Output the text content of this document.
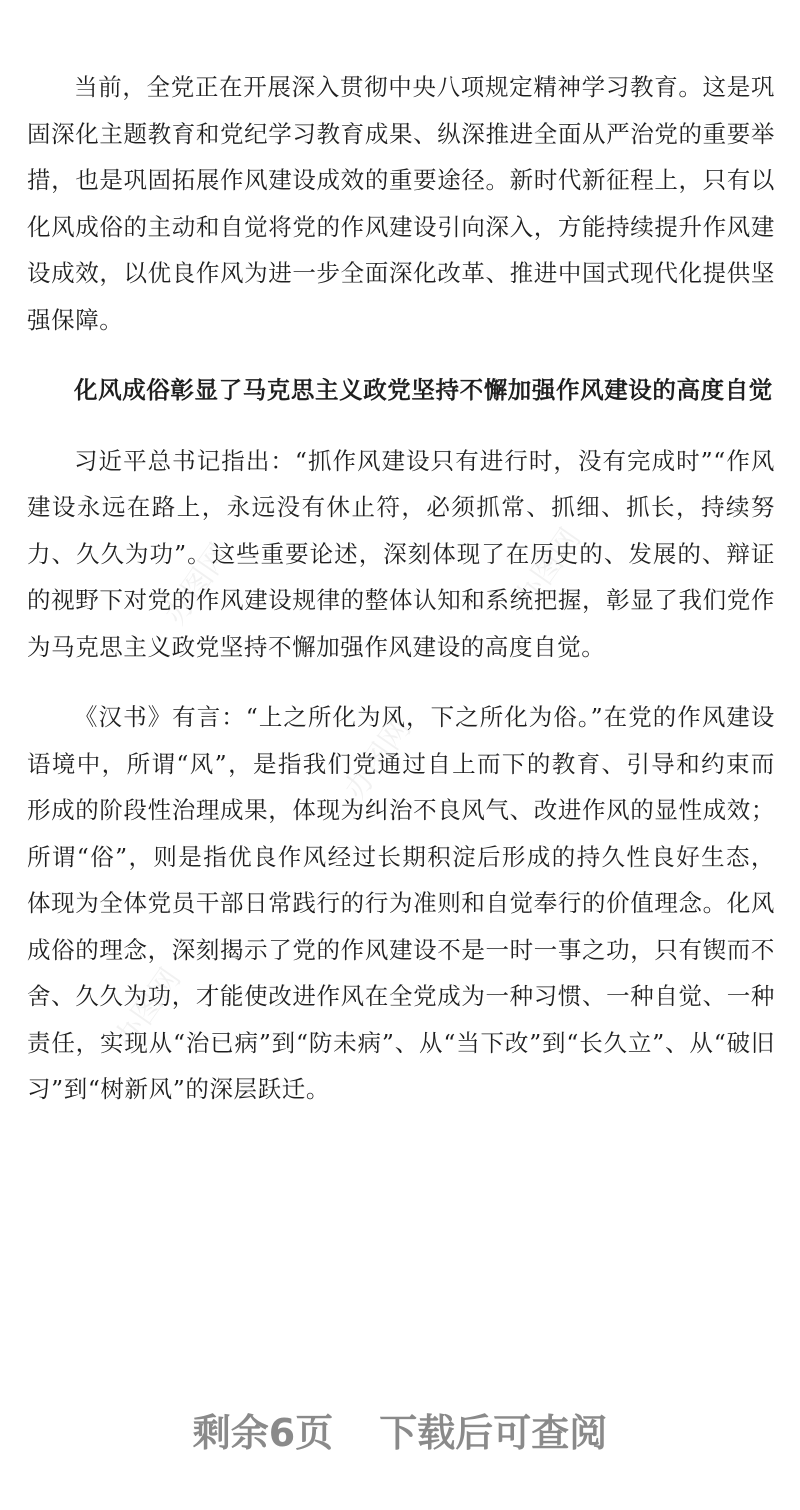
办图网	办图网
办图网
办图网

当前，全党正在开展深入贯彻中央八项规定精神学习教育。这是巩固深化主题教育和党纪学习教育成果、纵深推进全面从严治党的重要举措，也是巩固拓展作风建设成效的重要途径。新时代新征程上，只有以化风成俗的主动和自觉将党的作风建设引向深入，方能持续提升作风建设成效，以优良作风为进一步全面深化改革、推进中国式现代化提供坚强保障。

化风成俗彰显了马克思主义政党坚持不懈加强作风建设的高度自觉

习近平总书记指出：“抓作风建设只有进行时，没有完成时”“作风建设永远在路上，永远没有休止符，必须抓常、抓细、抓长，持续努力、久久为功”。这些重要论述，深刻体现了在历史的、发展的、辩证的视野下对党的作风建设规律的整体认知和系统把握，彰显了我们党作为马克思主义政党坚持不懈加强作风建设的高度自觉。

《汉书》有言：“上之所化为风，下之所化为俗。”在党的作风建设语境中，所谓“风”，是指我们党通过自上而下的教育、引导和约束而形成的阶段性治理成果，体现为纠治不良风气、改进作风的显性成效；所谓“俗”，则是指优良作风经过长期积淀后形成的持久性良好生态，体现为全体党员干部日常践行的行为准则和自觉奉行的价值理念。化风成俗的理念，深刻揭示了党的作风建设不是一时一事之功，只有锲而不舍、久久为功，才能使改进作风在全党成为一种习惯、一种自觉、一种责任，实现从“治已病”到“防未病”、从“当下改”到“长久立”、从“破旧习”到“树新风”的深层跃迁。

剩余6页 下载后可查阅
